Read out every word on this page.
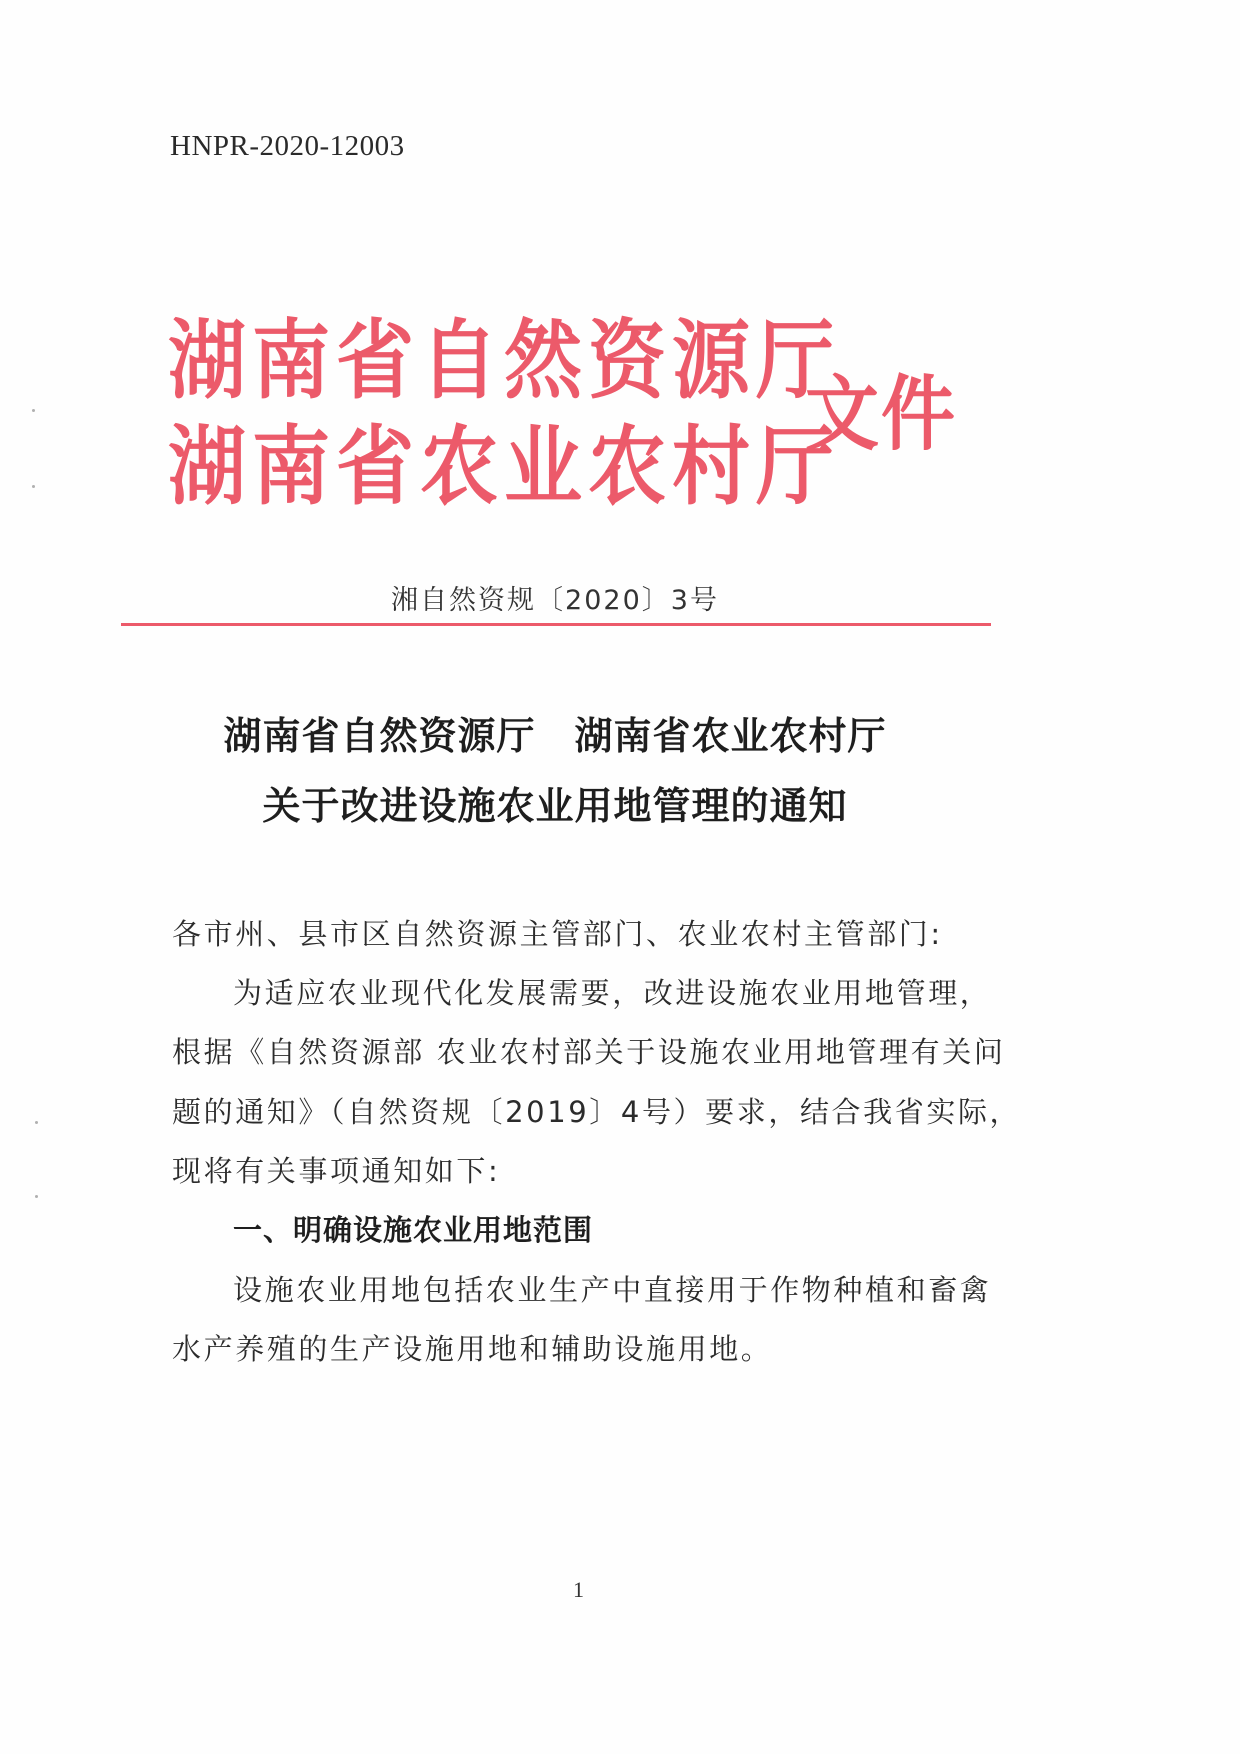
HNPR-2020-12003
湖南省自然资源厅
湖南省农业农村厅
文件
湘自然资规〔2020〕3号
湖南省自然资源厅　湖南省农业农村厅
关于改进设施农业用地管理的通知
各市州、县市区自然资源主管部门、农业农村主管部门:
为适应农业现代化发展需要，改进设施农业用地管理，
根据《自然资源部 农业农村部关于设施农业用地管理有关问
题的通知》（自然资规〔2019〕4号）要求，结合我省实际，
现将有关事项通知如下:
一、明确设施农业用地范围
设施农业用地包括农业生产中直接用于作物种植和畜禽
水产养殖的生产设施用地和辅助设施用地。
1
